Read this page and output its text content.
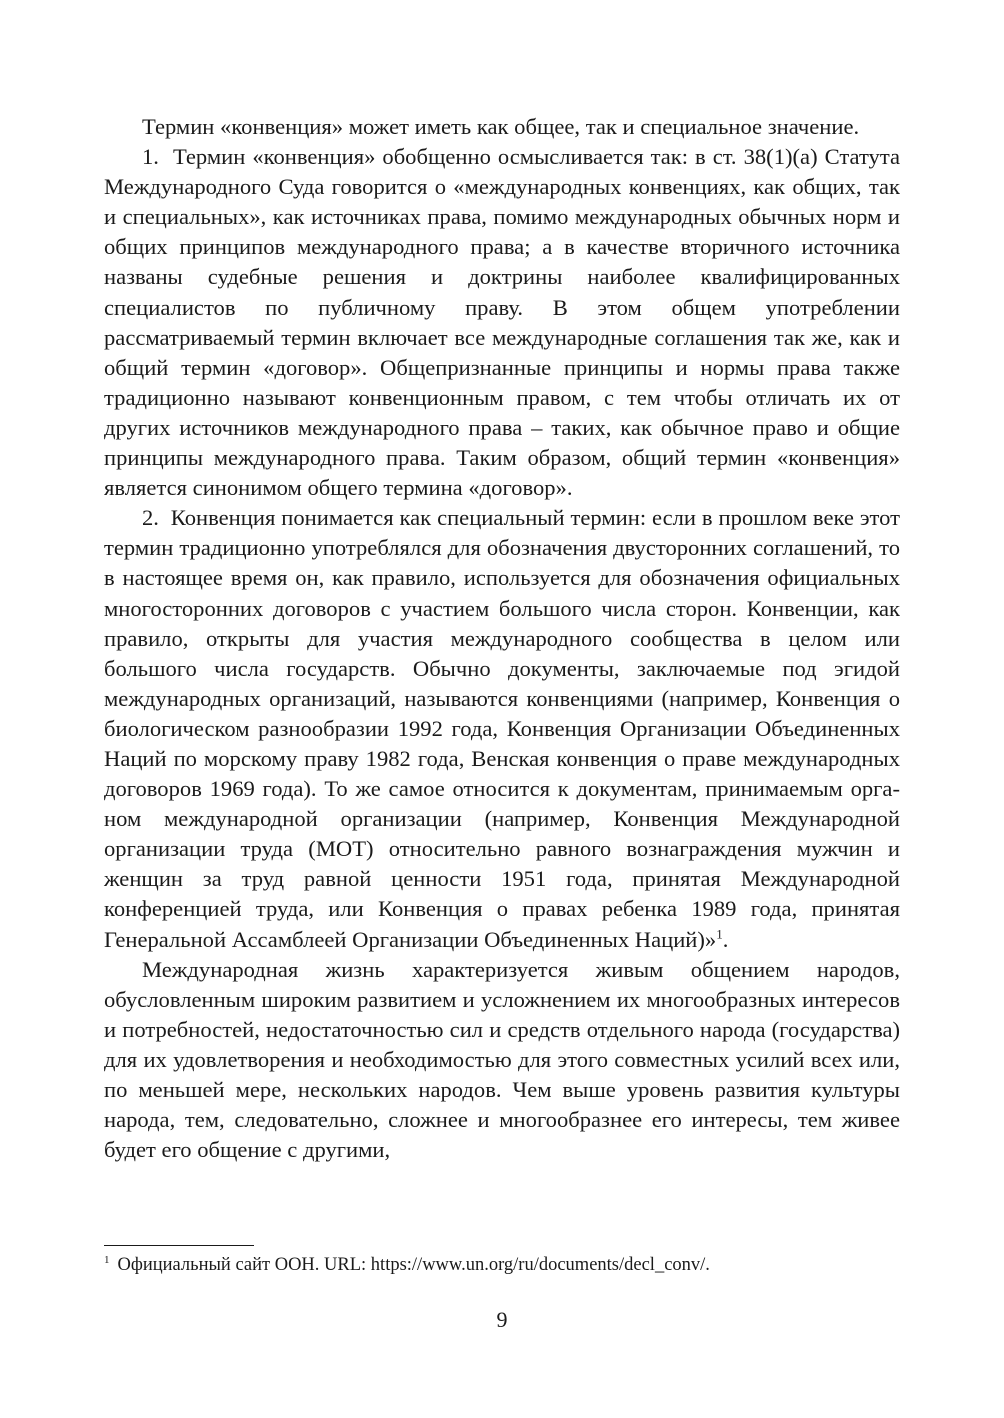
Термин «конвенция» может иметь как общее, так и специальное значение.

1. Термин «конвенция» обобщенно осмысливается так: в ст. 38(1)(a) Статута Международного Суда говорится о «международных конвенциях, как общих, так и специальных», как источниках права, помимо международных обычных норм и общих принципов международного права; а в качестве вторичного источника названы судебные решения и доктрины наиболее квалифицированных специалистов по публичному праву. В этом общем употреблении рассматриваемый термин включает все международные соглашения так же, как и общий термин «договор». Общепризнанные принципы и нормы права также традиционно называют конвенционным правом, с тем чтобы отличать их от других источников международного права – таких, как обычное право и общие принципы международного права. Таким образом, общий термин «конвенция» является синонимом общего термина «договор».

2. Конвенция понимается как специальный термин: если в прошлом веке этот термин традиционно употреблялся для обозначения двусторонних соглашений, то в настоящее время он, как правило, используется для обозначения официальных многосторонних договоров с участием большого числа сторон. Конвенции, как правило, открыты для участия международного сообщества в целом или большого числа государств. Обычно документы, заключаемые под эгидой международных организаций, называются конвенциями (например, Конвенция о биологическом разнообразии 1992 года, Конвенция Организации Объединенных Наций по морскому праву 1982 года, Венская конвенция о праве международных договоров 1969 года). То же самое относится к документам, принимаемым органом международной организации (например, Конвенция Международной организации труда (МОТ) относительно равного вознаграждения мужчин и женщин за труд равной ценности 1951 года, принятая Международной конференцией труда, или Конвенция о правах ребенка 1989 года, принятая Генеральной Ассамблеей Организации Объединенных Наций)»$^1$.

Международная жизнь характеризуется живым общением народов, обусловленным широким развитием и усложнением их многообразных интересов и потребностей, недостаточностью сил и средств отдельного народа (государства) для их удовлетворения и необходимостью для этого совместных усилий всех или, по меньшей мере, нескольких народов. Чем выше уровень развития культуры народа, тем, следовательно, сложнее и многообразнее его интересы, тем живее будет его общение с другими,

$^1$ Официальный сайт ООН. URL: https://www.un.org/ru/documents/decl_conv/.

9
